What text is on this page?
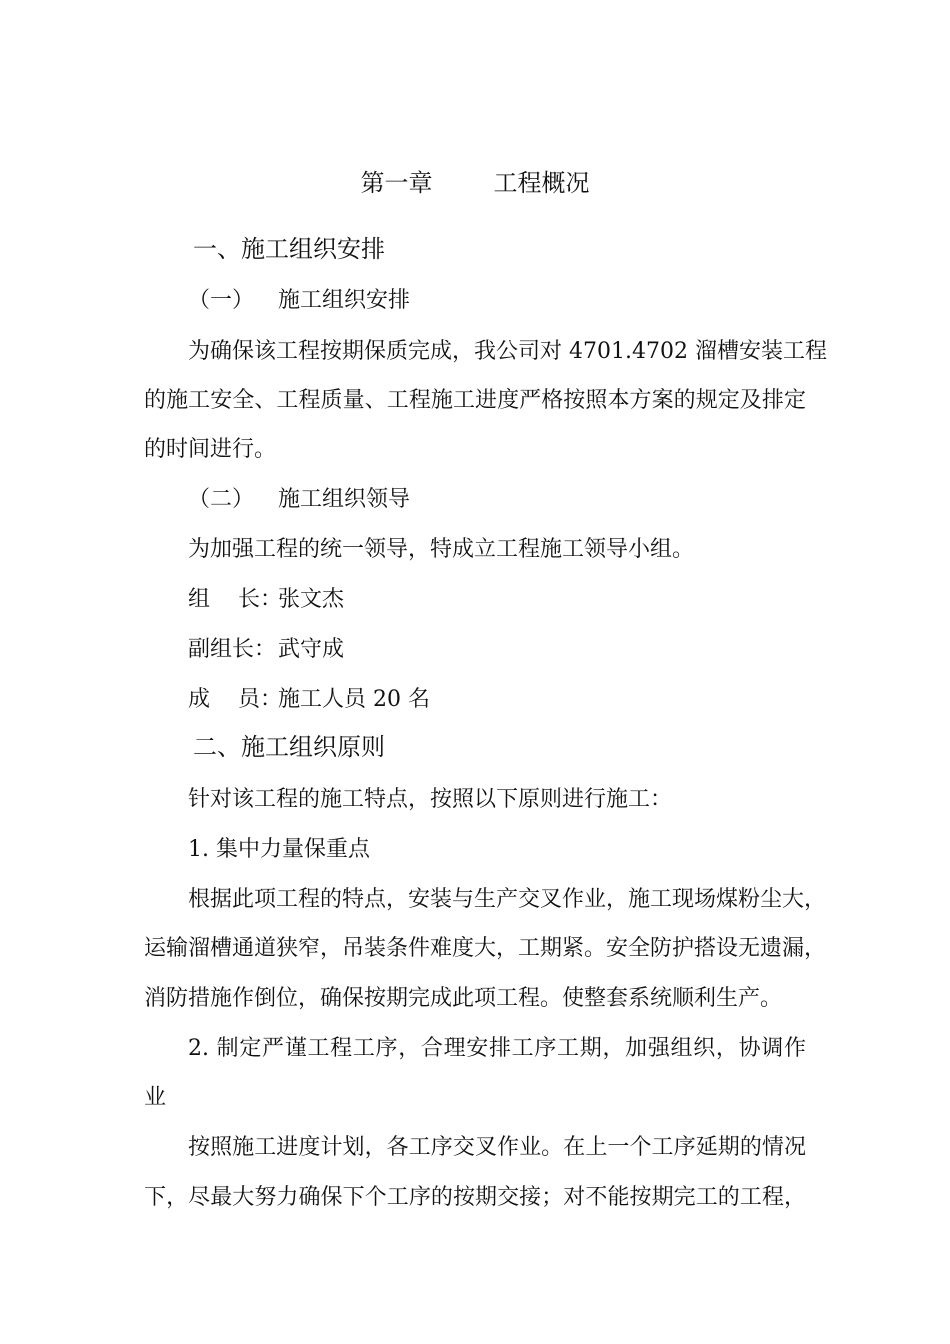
第一章        工程概况
一、施工组织安排
（一） 施工组织安排
为确保该工程按期保质完成，我公司对 4701.4702 溜槽安装工程
的施工安全、工程质量、工程施工进度严格按照本方案的规定及排定
的时间进行。
（二） 施工组织领导
为加强工程的统一领导，特成立工程施工领导小组。
组    长：张文杰
副组长：武守成
成    员：施工人员 20 名
二、施工组织原则
针对该工程的施工特点，按照以下原则进行施工：
1. 集中力量保重点
根据此项工程的特点，安装与生产交叉作业，施工现场煤粉尘大，
运输溜槽通道狭窄，吊装条件难度大，工期紧。安全防护搭设无遗漏，
消防措施作倒位，确保按期完成此项工程。使整套系统顺利生产。
2. 制定严谨工程工序，合理安排工序工期，加强组织，协调作
业
按照施工进度计划，各工序交叉作业。在上一个工序延期的情况
下，尽最大努力确保下个工序的按期交接；对不能按期完工的工程，
